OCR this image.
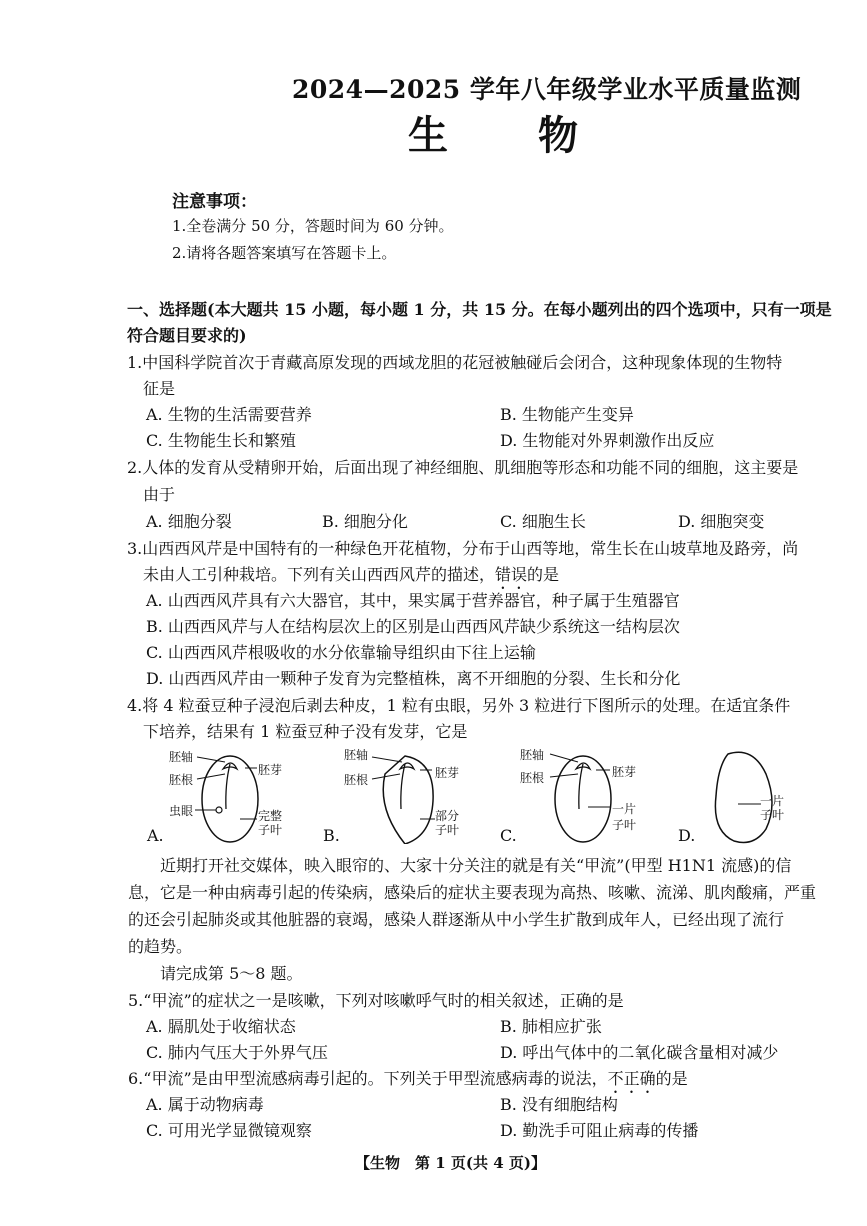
2024—2025 学年八年级学业水平质量监测
生物
注意事项：
1.全卷满分 50 分，答题时间为 60 分钟。
2.请将各题答案填写在答题卡上。
一、选择题(本大题共 15 小题，每小题 1 分，共 15 分。在每小题列出的四个选项中，只有一项是
符合题目要求的)
1.中国科学院首次于青藏高原发现的西域龙胆的花冠被触碰后会闭合，这种现象体现的生物特
征是
A. 生物的生活需要营养	B. 生物能产生变异
C. 生物能生长和繁殖	D. 生物能对外界刺激作出反应
2.人体的发育从受精卵开始，后面出现了神经细胞、肌细胞等形态和功能不同的细胞，这主要是
由于
A. 细胞分裂	B. 细胞分化	C. 细胞生长	D. 细胞突变
3.山西西风芹是中国特有的一种绿色开花植物，分布于山西等地，常生长在山坡草地及路旁，尚
未由人工引种栽培。下列有关山西西风芹的描述，错误的是
A. 山西西风芹具有六大器官，其中，果实属于营养器官，种子属于生殖器官
B. 山西西风芹与人在结构层次上的区别是山西西风芹缺少系统这一结构层次
C. 山西西风芹根吸收的水分依靠输导组织由下往上运输
D. 山西西风芹由一颗种子发育为完整植株，离不开细胞的分裂、生长和分化
4.将 4 粒蚕豆种子浸泡后剥去种皮，1 粒有虫眼，另外 3 粒进行下图所示的处理。在适宜条件
下培养，结果有 1 粒蚕豆种子没有发芽，它是
胚轴
胚根
胚芽
虫眼	完整
子叶
A.
胚轴
胚根	胚芽
部分
子叶
B.
胚轴
胚根	胚芽
一片
子叶
C.
一片
子叶
D.
近期打开社交媒体，映入眼帘的、大家十分关注的就是有关“甲流”(甲型 H1N1 流感)的信
息，它是一种由病毒引起的传染病，感染后的症状主要表现为高热、咳嗽、流涕、肌肉酸痛，严重
的还会引起肺炎或其他脏器的衰竭，感染人群逐渐从中小学生扩散到成年人，已经出现了流行
的趋势。
请完成第 5～8 题。
5.“甲流”的症状之一是咳嗽，下列对咳嗽呼气时的相关叙述，正确的是
A. 膈肌处于收缩状态	B. 肺相应扩张
C. 肺内气压大于外界气压	D. 呼出气体中的二氧化碳含量相对减少
6.“甲流”是由甲型流感病毒引起的。下列关于甲型流感病毒的说法，不正确的是
A. 属于动物病毒	B. 没有细胞结构
C. 可用光学显微镜观察	D. 勤洗手可阻止病毒的传播
【生物　第 1 页(共 4 页)】
